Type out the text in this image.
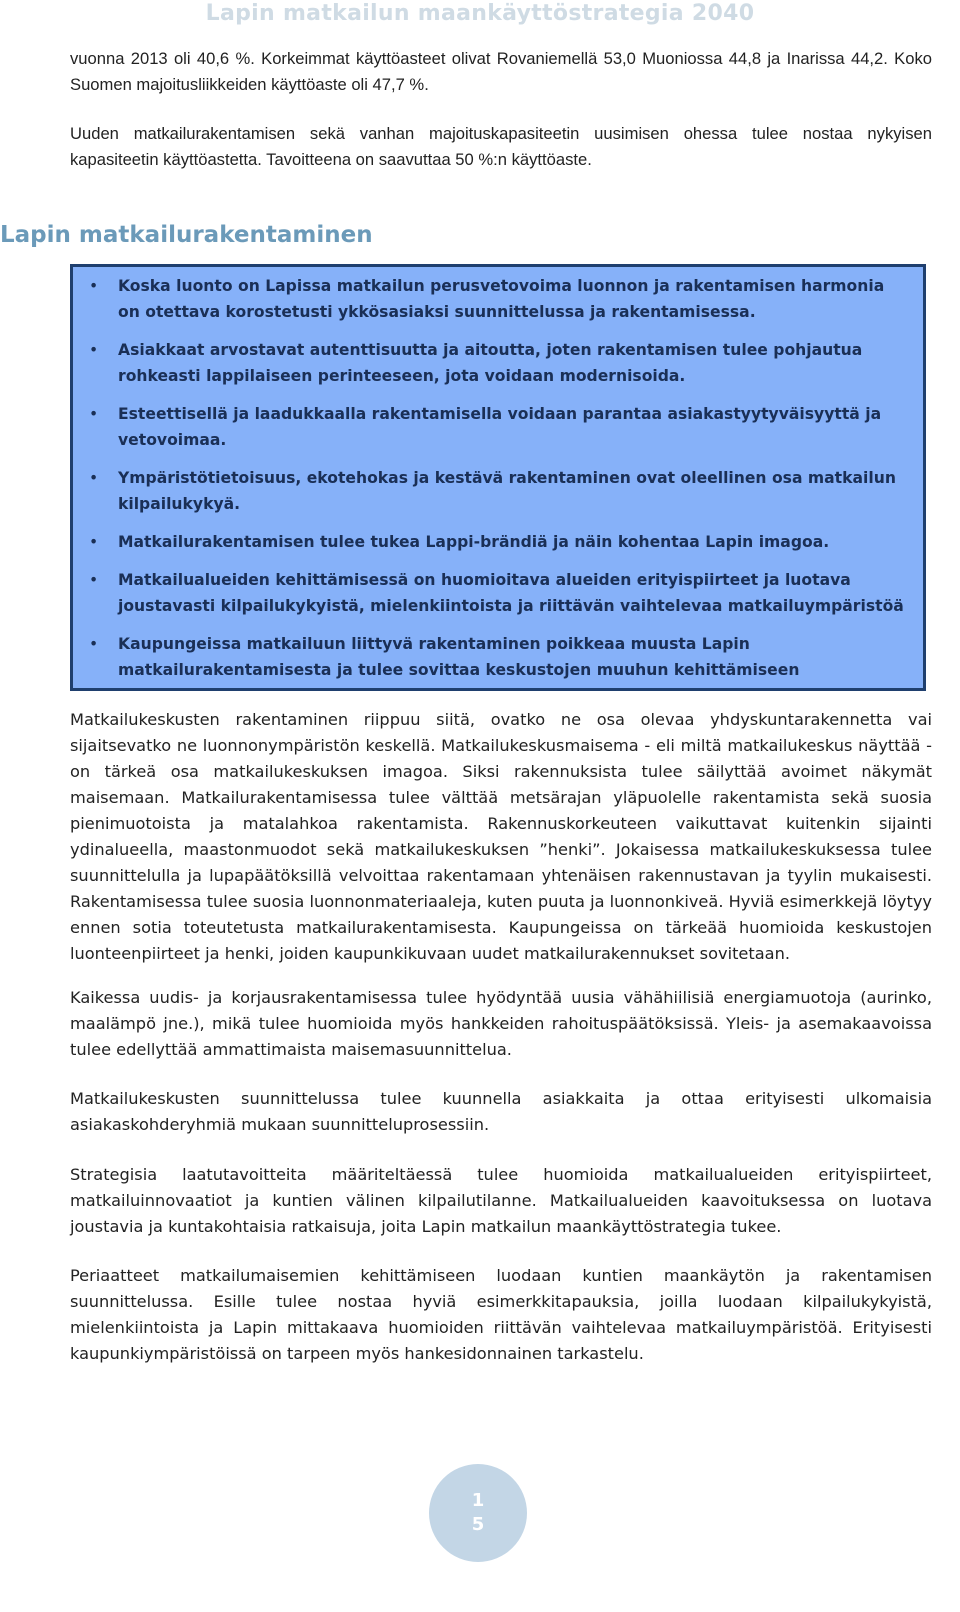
Lapin matkailun maankäyttöstrategia 2040

vuonna 2013 oli 40,6 %. Korkeimmat käyttöasteet olivat Rovaniemellä 53,0 Muoniossa 44,8 ja Inarissa 44,2. Koko Suomen majoitusliikkeiden käyttöaste oli 47,7 %.

Uuden matkailurakentamisen sekä vanhan majoituskapasiteetin uusimisen ohessa tulee nostaa nykyisen kapasiteetin käyttöastetta. Tavoitteena on saavuttaa 50 %:n käyttöaste.

Lapin matkailurakentaminen
• Koska luonto on Lapissa matkailun perusvetovoima luonnon ja rakentamisen harmonia on otettava korostetusti ykkösasiaksi suunnittelussa ja rakentamisessa.
• Asiakkaat arvostavat autenttisuutta ja aitoutta, joten rakentamisen tulee pohjautua rohkeasti lappilaiseen perinteeseen, jota voidaan modernisoida.
• Esteettisellä ja laadukkaalla rakentamisella voidaan parantaa asiakastyytyväisyyttä ja vetovoimaa.
• Ympäristötietoisuus, ekotehokas ja kestävä rakentaminen ovat oleellinen osa matkailun kilpailukykyä.
• Matkailurakentamisen tulee tukea Lappi-brändiä ja näin kohentaa Lapin imagoa.
• Matkailualueiden kehittämisessä on huomioitava alueiden erityispiirteet ja luotava joustavasti kilpailukykyistä, mielenkiintoista ja riittävän vaihtelevaa matkailuympäristöä
• Kaupungeissa matkailuun liittyvä rakentaminen poikkeaa muusta Lapin matkailurakentamisesta ja tulee sovittaa keskustojen muuhun kehittämiseen

Matkailukeskusten rakentaminen riippuu siitä, ovatko ne osa olevaa yhdyskuntarakennetta vai sijaitsevatko ne luonnonympäristön keskellä. Matkailukeskusmaisema - eli miltä matkailukeskus näyttää - on tärkeä osa matkailukeskuksen imagoa. Siksi rakennuksista tulee säilyttää avoimet näkymät maisemaan. Matkailurakentamisessa tulee välttää metsärajan yläpuolelle rakentamista sekä suosia pienimuotoista ja matalahkoa rakentamista. Rakennuskorkeuteen vaikuttavat kuitenkin sijainti ydinalueella, maastonmuodot sekä matkailukeskuksen ”henki”. Jokaisessa matkailukeskuksessa tulee suunnittelulla ja lupapäätöksillä velvoittaa rakentamaan yhtenäisen rakennustavan ja tyylin mukaisesti. Rakentamisessa tulee suosia luonnonmateriaaleja, kuten puuta ja luonnonkiveä. Hyviä esimerkkejä löytyy ennen sotia toteutetusta matkailurakentamisesta. Kaupungeissa on tärkeää huomioida keskustojen luonteenpiirteet ja henki, joiden kaupunkikuvaan uudet matkailurakennukset sovitetaan.

Kaikessa uudis- ja korjausrakentamisessa tulee hyödyntää uusia vähähiilisiä energiamuotoja (aurinko, maalämpö jne.), mikä tulee huomioida myös hankkeiden rahoituspäätöksissä. Yleis- ja asemakaavoissa tulee edellyttää ammattimaista maisemasuunnittelua.

Matkailukeskusten suunnittelussa tulee kuunnella asiakkaita ja ottaa erityisesti ulkomaisia asiakaskohderyhmiä mukaan suunnitteluprosessiin.

Strategisia laatutavoitteita määriteltäessä tulee huomioida matkailualueiden erityispiirteet, matkailuinnovaatiot ja kuntien välinen kilpailutilanne. Matkailualueiden kaavoituksessa on luotava joustavia ja kuntakohtaisia ratkaisuja, joita Lapin matkailun maankäyttöstrategia tukee.

Periaatteet matkailumaisemien kehittämiseen luodaan kuntien maankäytön ja rakentamisen suunnittelussa. Esille tulee nostaa hyviä esimerkkitapauksia, joilla luodaan kilpailukykyistä, mielenkiintoista ja Lapin mittakaava huomioiden riittävän vaihtelevaa matkailuympäristöä. Erityisesti kaupunkiympäristöissä on tarpeen myös hankesidonnainen tarkastelu.

1
5
